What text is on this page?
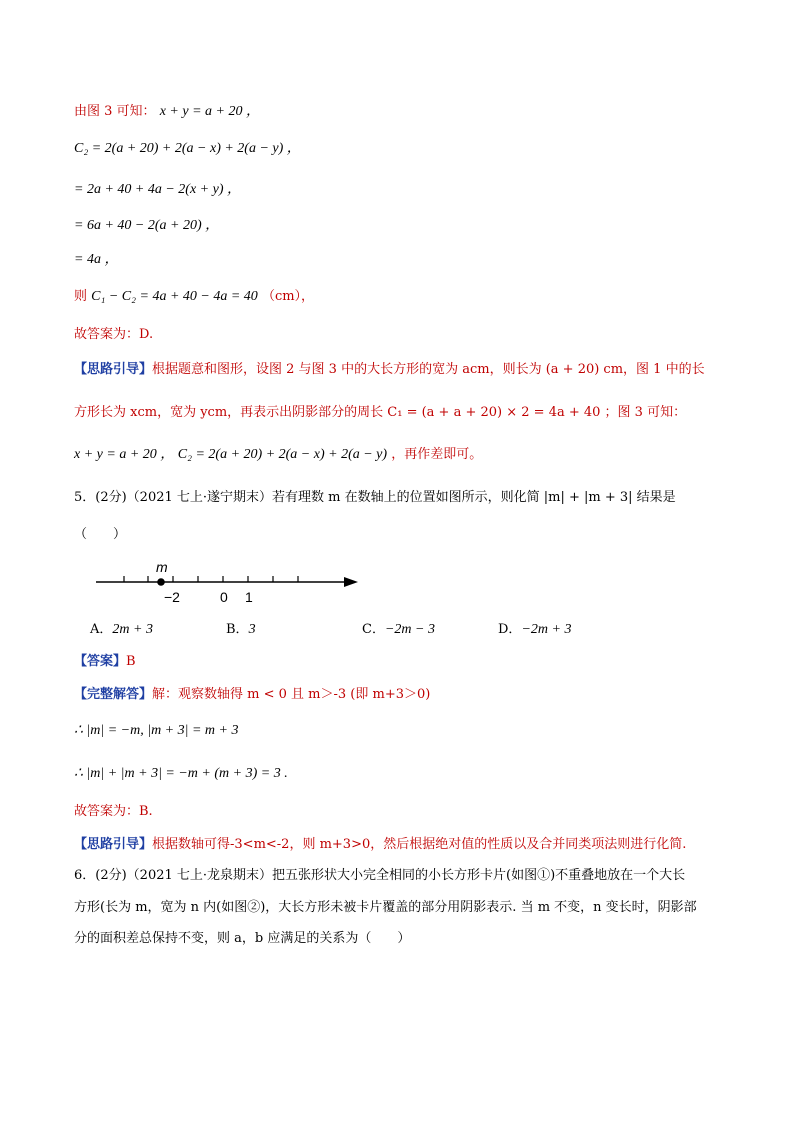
由图 3 可知： x + y = a + 20 ，
C₂ = 2(a + 20) + 2(a − x) + 2(a − y) ，
= 2a + 40 + 4a − 2(x + y) ，
= 6a + 40 − 2(a + 20) ，
= 4a ，
则 C₁ − C₂ = 4a + 40 − 4a = 40 （cm），
故答案为：D.
【思路引导】根据题意和图形，设图 2 与图 3 中的大长方形的宽为 acm，则长为 (a + 20) cm，图 1 中的长
方形长为 xcm，宽为 ycm，再表示出阴影部分的周长 C₁ = (a + a + 20) × 2 = 4a + 40 ；图 3 可知：
x + y = a + 20 ， C₂ = 2(a + 20) + 2(a − x) + 2(a − y) ，再作差即可。
5．(2分)（2021 七上·遂宁期末）若有理数 m 在数轴上的位置如图所示，则化简 |m| + |m + 3| 结果是
（　　）
m
−2	0 1
A．2m + 3	B．3	C．−2m − 3	D．−2m + 3
【答案】B
【完整解答】解：观察数轴得 m < 0 且 m＞-3 (即 m+3＞0)
∴ |m| = −m, |m + 3| = m + 3
∴ |m| + |m + 3| = −m + (m + 3) = 3 .
故答案为：B.
【思路引导】根据数轴可得-3<m<-2，则 m+3>0，然后根据绝对值的性质以及合并同类项法则进行化简.
6．(2分)（2021 七上·龙泉期末）把五张形状大小完全相同的小长方形卡片(如图①)不重叠地放在一个大长
方形(长为 m，宽为 n 内(如图②)，大长方形未被卡片覆盖的部分用阴影表示. 当 m 不变，n 变长时，阴影部
分的面积差总保持不变，则 a，b 应满足的关系为（　　）
